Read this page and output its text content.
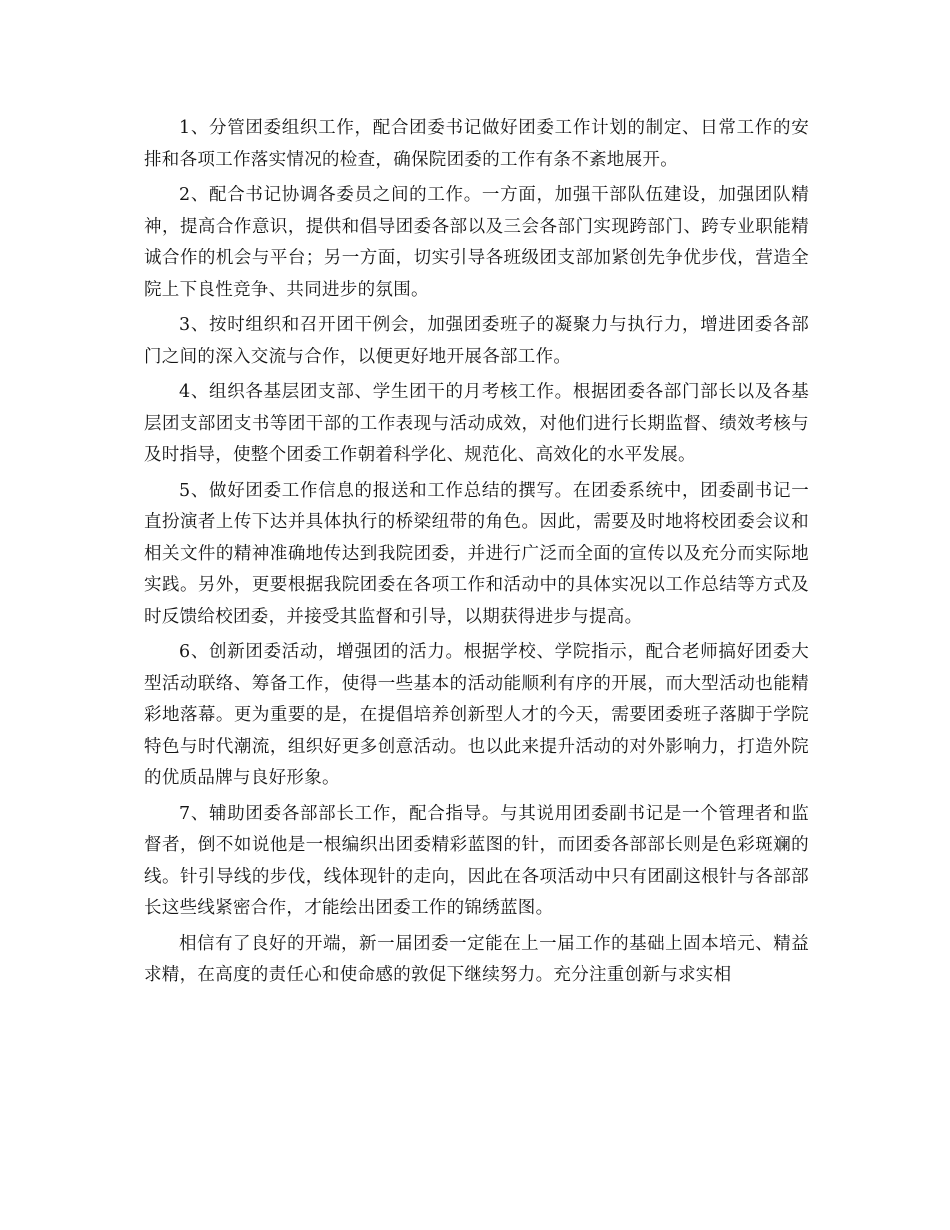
1、分管团委组织工作，配合团委书记做好团委工作计划的制定、日常工作的安排和各项工作落实情况的检查，确保院团委的工作有条不紊地展开。

2、配合书记协调各委员之间的工作。一方面，加强干部队伍建设，加强团队精神，提高合作意识，提供和倡导团委各部以及三会各部门实现跨部门、跨专业职能精诚合作的机会与平台；另一方面，切实引导各班级团支部加紧创先争优步伐，营造全院上下良性竞争、共同进步的氛围。

3、按时组织和召开团干例会，加强团委班子的凝聚力与执行力，增进团委各部门之间的深入交流与合作，以便更好地开展各部工作。

4、组织各基层团支部、学生团干的月考核工作。根据团委各部门部长以及各基层团支部团支书等团干部的工作表现与活动成效，对他们进行长期监督、绩效考核与及时指导，使整个团委工作朝着科学化、规范化、高效化的水平发展。

5、做好团委工作信息的报送和工作总结的撰写。在团委系统中，团委副书记一直扮演者上传下达并具体执行的桥梁纽带的角色。因此，需要及时地将校团委会议和相关文件的精神准确地传达到我院团委，并进行广泛而全面的宣传以及充分而实际地实践。另外，更要根据我院团委在各项工作和活动中的具体实况以工作总结等方式及时反馈给校团委，并接受其监督和引导，以期获得进步与提高。

6、创新团委活动，增强团的活力。根据学校、学院指示，配合老师搞好团委大型活动联络、筹备工作，使得一些基本的活动能顺利有序的开展，而大型活动也能精彩地落幕。更为重要的是，在提倡培养创新型人才的今天，需要团委班子落脚于学院特色与时代潮流，组织好更多创意活动。也以此来提升活动的对外影响力，打造外院的优质品牌与良好形象。

7、辅助团委各部部长工作，配合指导。与其说用团委副书记是一个管理者和监督者，倒不如说他是一根编织出团委精彩蓝图的针，而团委各部部长则是色彩斑斓的线。针引导线的步伐，线体现针的走向，因此在各项活动中只有团副这根针与各部部长这些线紧密合作，才能绘出团委工作的锦绣蓝图。

相信有了良好的开端，新一届团委一定能在上一届工作的基础上固本培元、精益求精，在高度的责任心和使命感的敦促下继续努力。充分注重创新与求实相
